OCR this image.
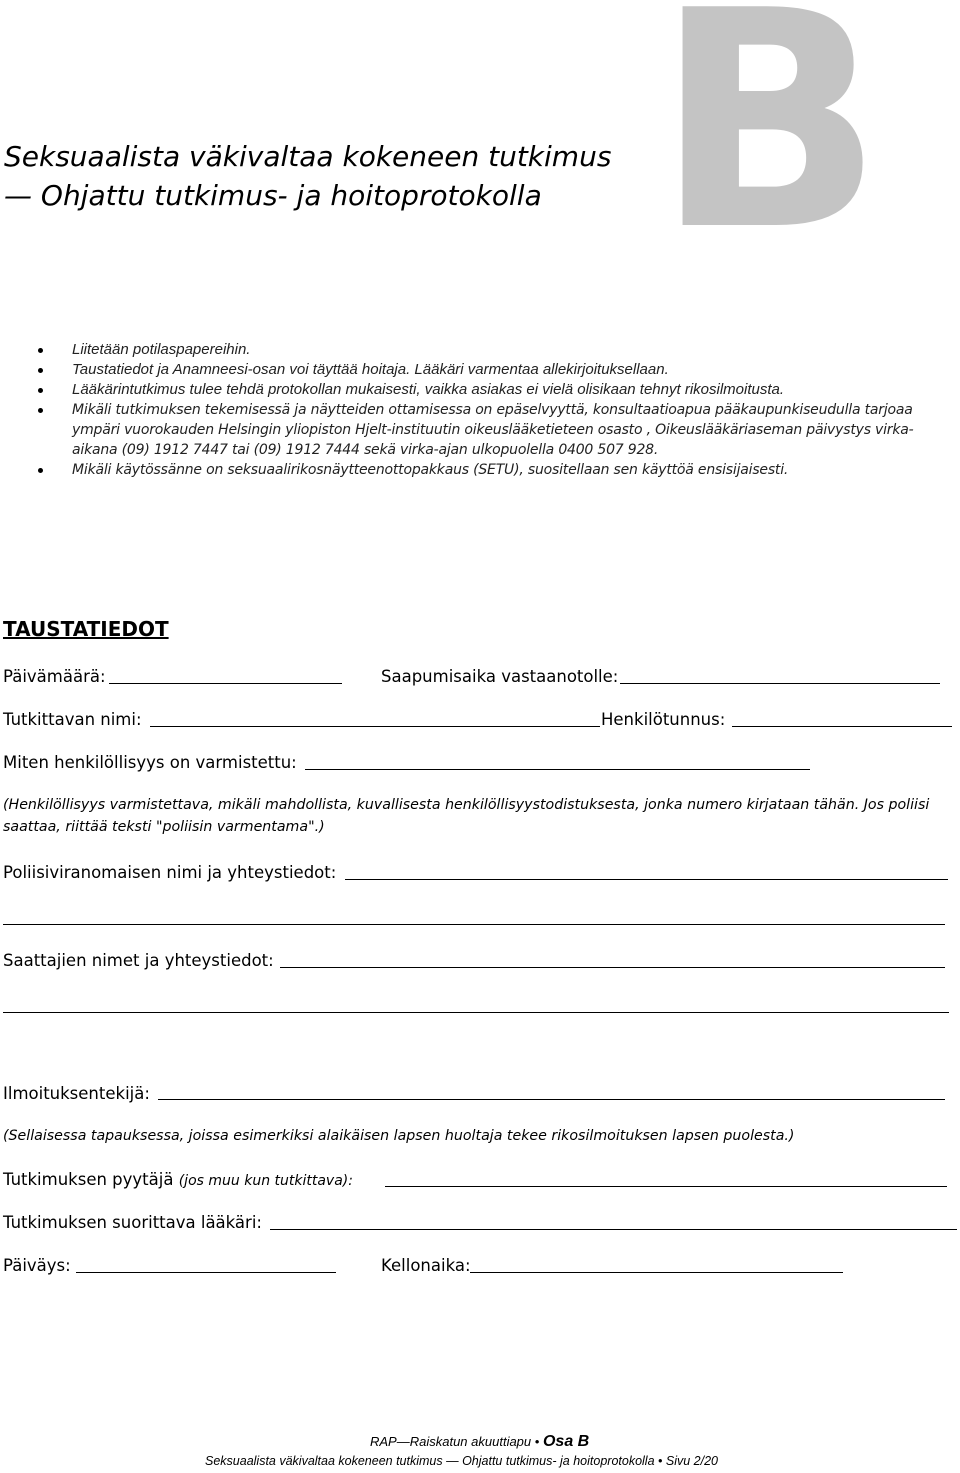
B
Seksuaalista väkivaltaa kokeneen tutkimus
— Ohjattu tutkimus- ja hoitoprotokolla
Liitetään potilaspapereihin.
Taustatiedot ja Anamneesi-osan voi täyttää hoitaja. Lääkäri varmentaa allekirjoituksellaan.
Lääkärintutkimus tulee tehdä protokollan mukaisesti, vaikka asiakas ei vielä olisikaan tehnyt rikosilmoitusta.
Mikäli tutkimuksen tekemisessä ja näytteiden ottamisessa on epäselvyyttä, konsultaatioapua pääkaupunkiseudulla tarjoaa ympäri vuorokauden Helsingin yliopiston Hjelt-instituutin oikeuslääketieteen osasto , Oikeuslääkäriaseman päivystys virka-aikana (09) 1912 7447 tai (09) 1912 7444 sekä virka-ajan ulkopuolella 0400 507 928.
Mikäli käytössänne on seksuaalirikosnäytteenottopakkaus (SETU), suositellaan sen käyttöä ensisijaisesti.
TAUSTATIEDOT
Päivämäärä:	Saapumisaika vastaanotolle:
Tutkittavan nimi:	Henkilötunnus:
Miten henkilöllisyys on varmistettu:
(Henkilöllisyys varmistettava, mikäli mahdollista, kuvallisesta henkilöllisyystodistuksesta, jonka numero kirjataan tähän. Jos poliisi saattaa, riittää teksti "poliisin varmentama".)
Poliisiviranomaisen nimi ja yhteystiedot:
Saattajien nimet ja yhteystiedot:
Ilmoituksentekijä:
(Sellaisessa tapauksessa, joissa esimerkiksi alaikäisen lapsen huoltaja tekee rikosilmoituksen lapsen puolesta.)
Tutkimuksen pyytäjä (jos muu kun tutkittava):
Tutkimuksen suorittava lääkäri:
Päiväys:	Kellonaika:
RAP—Raiskatun akuuttiapu • Osa B
Seksuaalista väkivaltaa kokeneen tutkimus — Ohjattu tutkimus- ja hoitoprotokolla • Sivu 2/20
